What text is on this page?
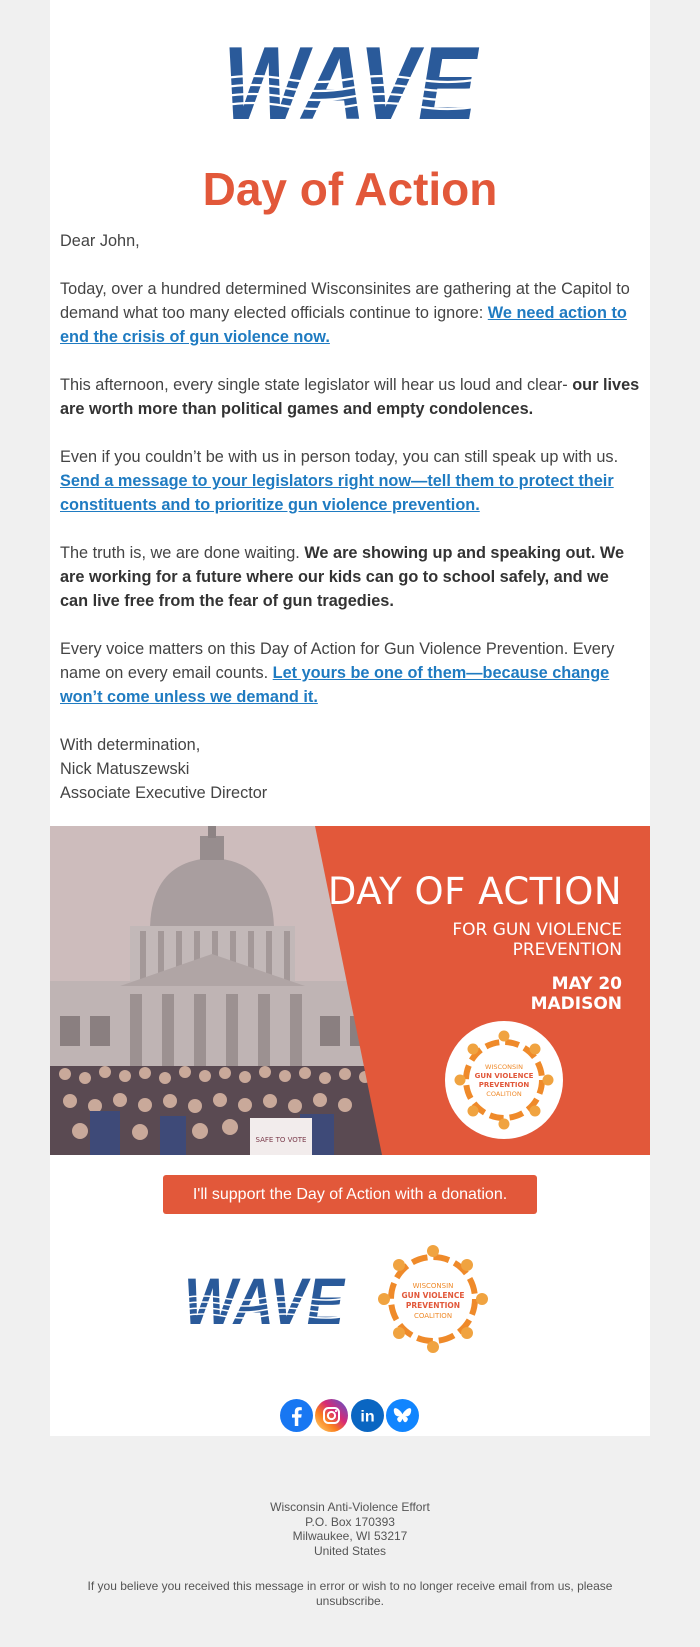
Day of Action

Dear John,

Today, over a hundred determined Wisconsinites are gathering at the Capitol to demand what too many elected officials continue to ignore: We need action to end the crisis of gun violence now.

This afternoon, every single state legislator will hear us loud and clear- our lives are worth more than political games and empty condolences.

Even if you couldn’t be with us in person today, you can still speak up with us. Send a message to your legislators right now—tell them to protect their constituents and to prioritize gun violence prevention.

The truth is, we are done waiting. We are showing up and speaking out. We are working for a future where our kids can go to school safely, and we can live free from the fear of gun tragedies.

Every voice matters on this Day of Action for Gun Violence Prevention. Every name on every email counts. Let yours be one of them—because change won’t come unless we demand it.

With determination,
Nick Matuszewski
Associate Executive Director

SAFE TO VOTE
DAY OF ACTION
FOR GUN VIOLENCE
PREVENTION
MAY 20
MADISON
WISCONSIN
GUN VIOLENCE
PREVENTION
COALITION
I'll support the Day of Action with a donation.
WISCONSIN
GUN VIOLENCE
PREVENTION
COALITION
in
Wisconsin Anti-Violence Effort
P.O. Box 170393
Milwaukee, WI 53217
United States
If you believe you received this message in error or wish to no longer receive email from us, please unsubscribe.
